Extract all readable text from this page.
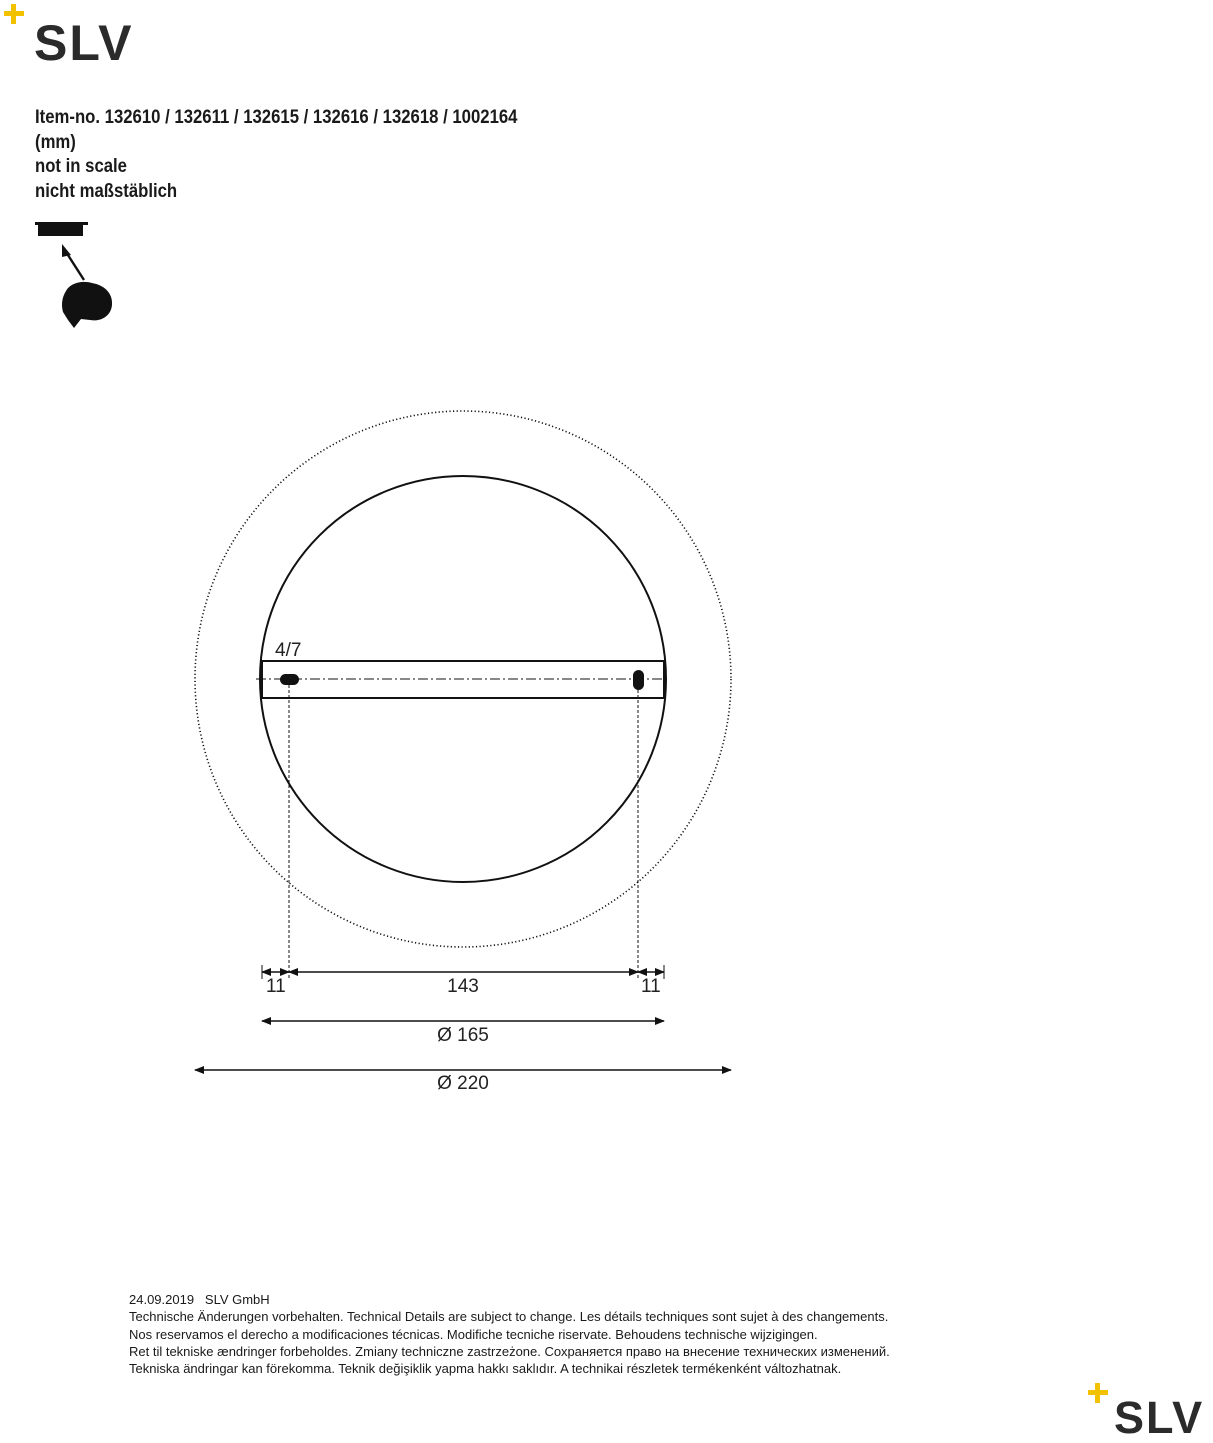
SLV
Item-no. 132610 / 132611 / 132615 / 132616 / 132618 / 1002164
(mm)
not in scale
nicht maßstäblich
4/7
11	143	11
Ø 165
Ø 220
24.09.2019   SLV GmbH
Technische Änderungen vorbehalten. Technical Details are subject to change. Les détails techniques sont sujet à des changements.
Nos reservamos el derecho a modificaciones técnicas. Modifiche tecniche riservate. Behoudens technische wijzigingen.
Ret til tekniske ændringer forbeholdes. Zmiany techniczne zastrzeżone. Сохраняется право на внесение технических изменений.
Tekniska ändringar kan förekomma. Teknik değişiklik yapma hakkı saklıdır. A technikai részletek termékenként változhatnak.
SLV
